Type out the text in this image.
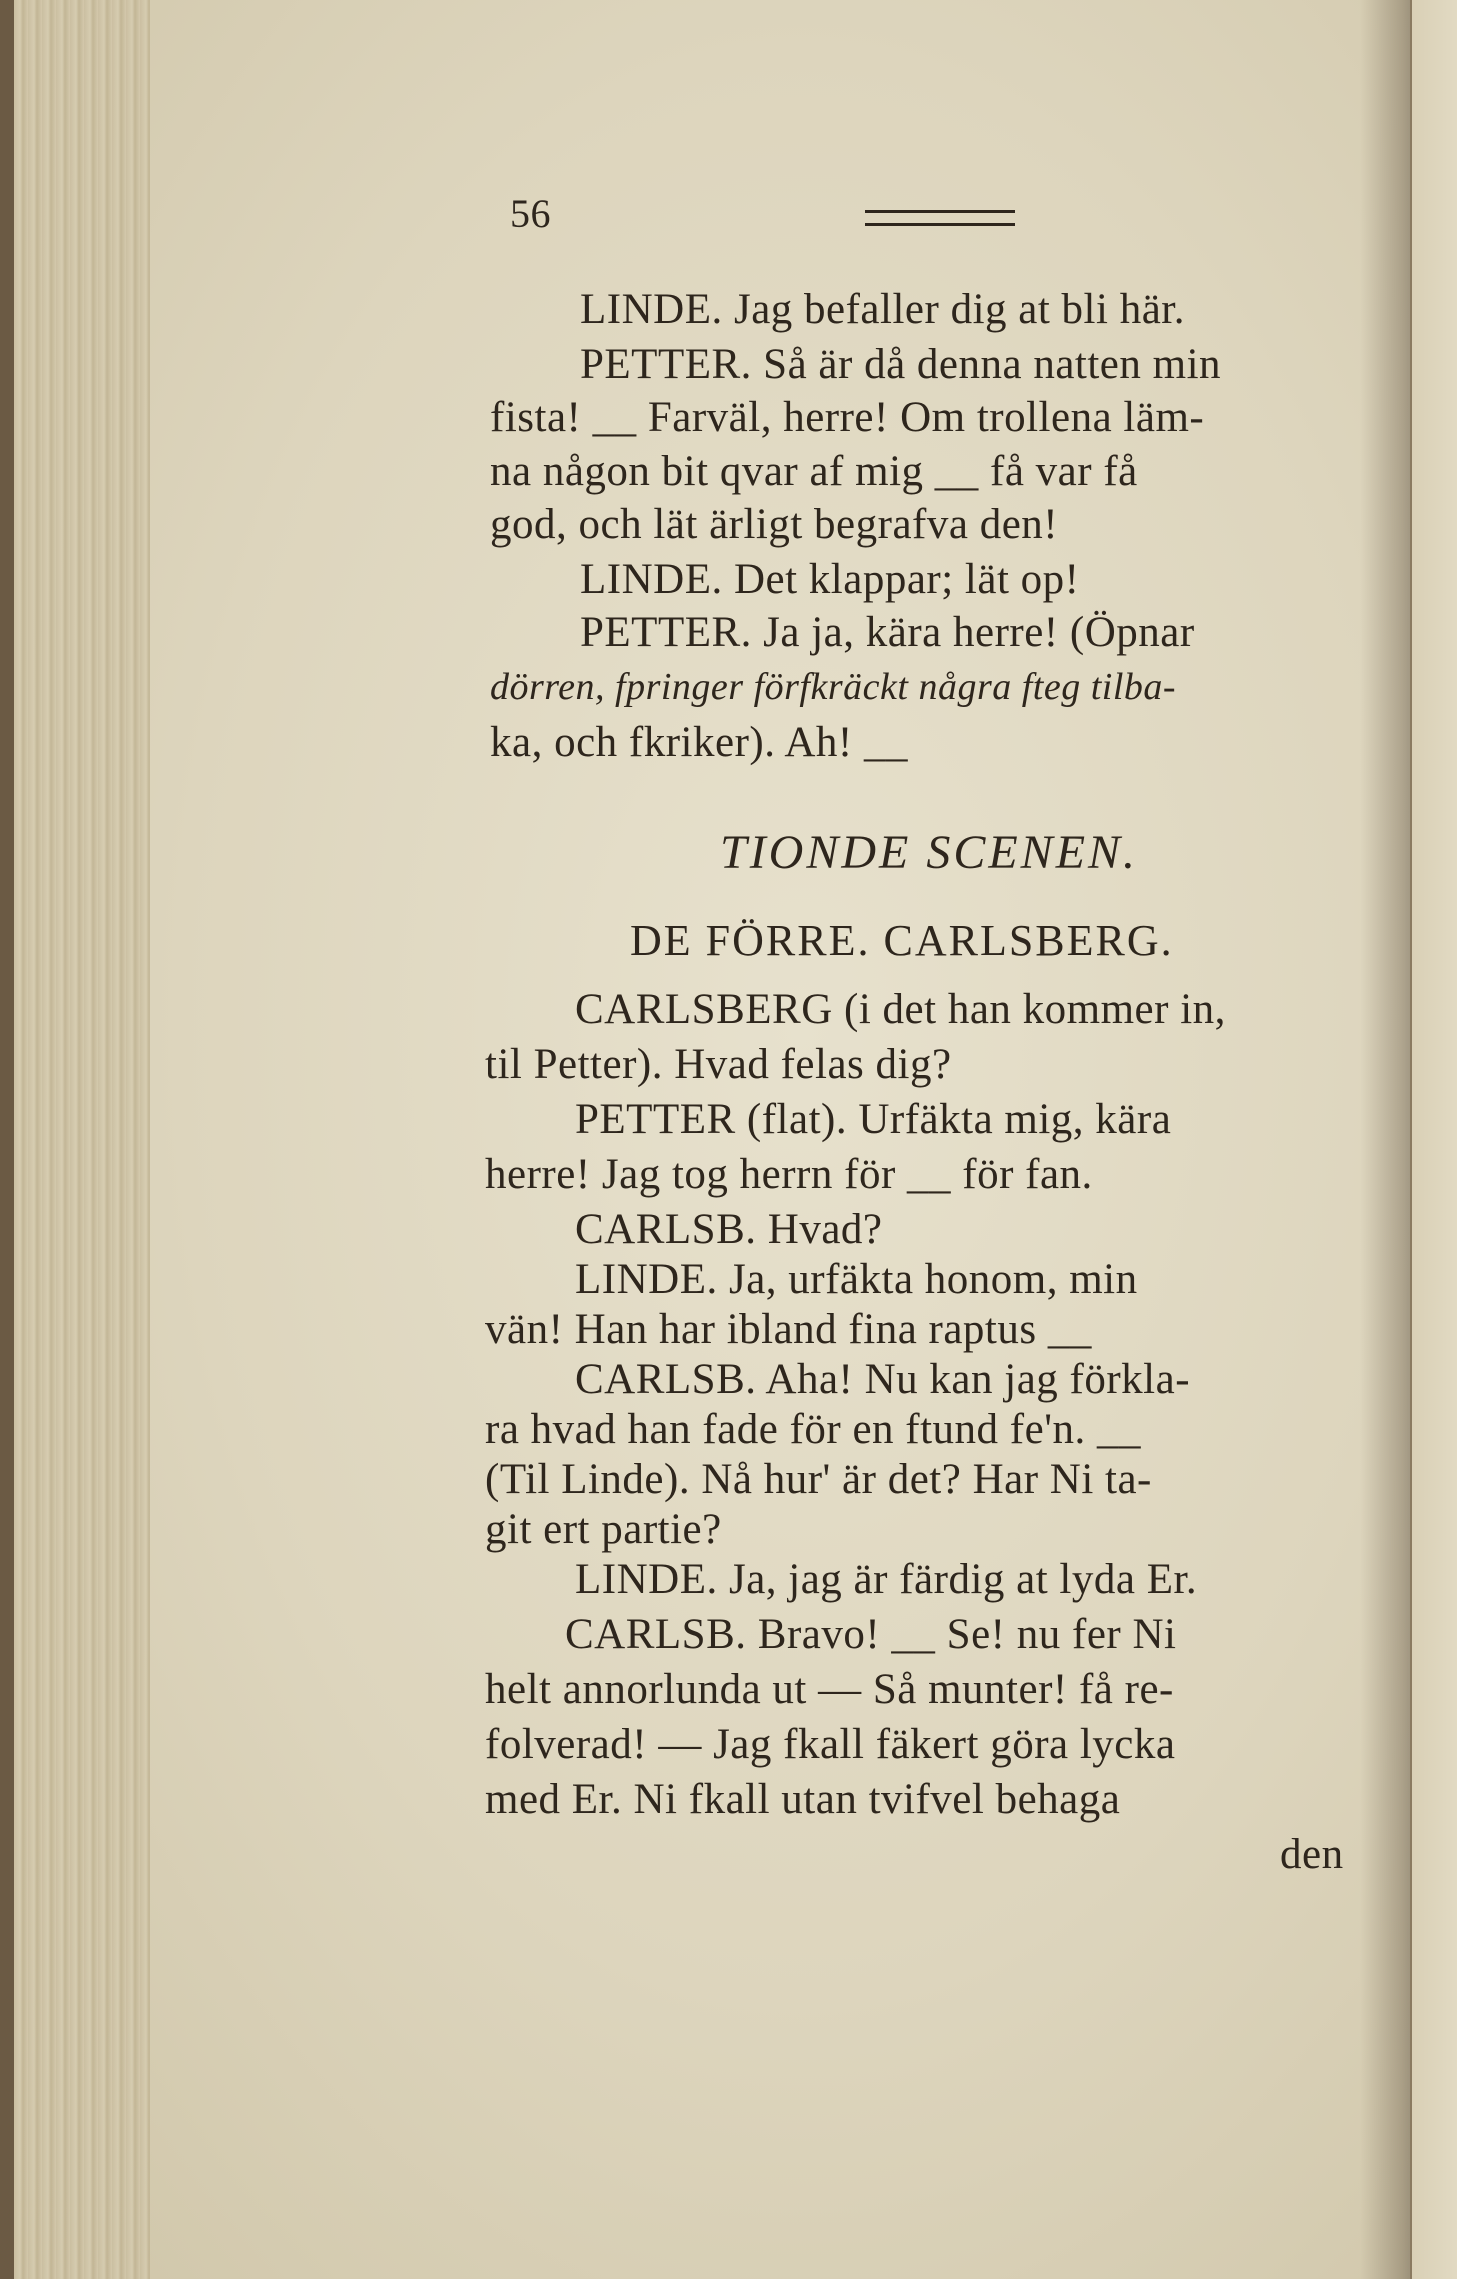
56
LINDE. Jag befaller dig at bli här.
PETTER. Så är då denna natten min
fista! __ Farväl, herre! Om trollena läm-
na någon bit qvar af mig __ få var få
god, och lät ärligt begrafva den!
LINDE. Det klappar; lät op!
PETTER. Ja ja, kära herre! (Öpnar
dörren, fpringer förfkräckt några fteg tilba-
ka, och fkriker). Ah! __
TIONDE SCENEN.
DE FÖRRE. CARLSBERG.
CARLSBERG (i det han kommer in,
til Petter). Hvad felas dig?
PETTER (flat). Urfäkta mig, kära
herre! Jag tog herrn för __ för fan.
CARLSB. Hvad?
LINDE. Ja, urfäkta honom, min
vän! Han har ibland fina raptus __
CARLSB. Aha! Nu kan jag förkla-
ra hvad han fade för en ftund fe'n. __
(Til Linde). Nå hur' är det? Har Ni ta-
git ert partie?
LINDE. Ja, jag är färdig at lyda Er.
CARLSB. Bravo! __ Se! nu fer Ni
helt annorlunda ut — Så munter! få re-
folverad! — Jag fkall fäkert göra lycka
med Er. Ni fkall utan tvifvel behaga
den
